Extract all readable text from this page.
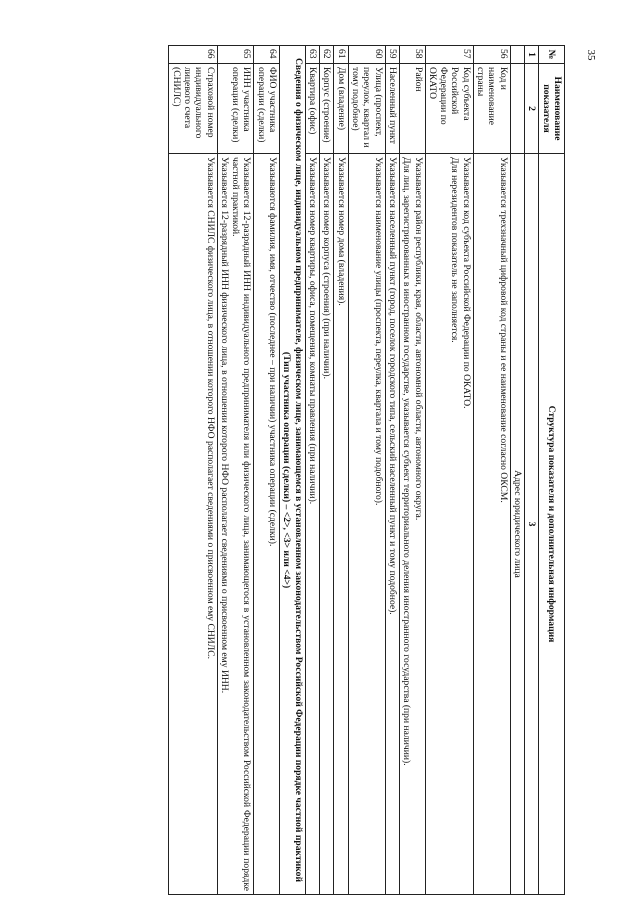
35
№	Наименование показателя	Структура показателя и дополнительная информация
1	2	3
		Адрес юридического лица
56	Код и наименование страны	Указывается трехзначный цифровой код страны и ее наименование согласно ОКСМ.

57	Код субъекта Российской Федерации по ОКАТО	Указывается код субъекта Российской Федерации по ОКАТО.
Для нерезидентов показатель не заполняется.

58	Район	Указывается район республики, края, области, автономной области, автономного округа.
Для лиц, зарегистрированных в иностранном государстве, указывается субъект территориального деления иностранного государства (при наличии).

59	Населенный пункт	Указывается населенный пункт (город, поселок городского типа, сельский населенный пункт и тому подобное).

60	Улица (проспект, переулок, квартал и тому подобное)	Указывается наименование улицы (проспекта, переулка, квартала и тому подобного).

61	Дом (владение)	Указывается номер дома (владения).

62	Корпус (строение)	Указывается номер корпуса (строения) (при наличии).

63	Квартира (офис)	Указывается номер квартиры, офиса, помещения, комнаты правления (при наличии).

Сведения о физическом лице, индивидуальном предпринимателе, физическом лице, занимающемся в установленном законодательством Российской Федерации порядке частной практикой (Тип участника операции (сделки) – <2>, <3> или <4>)		
64	ФИО участника операции (сделки)	Указываются фамилия, имя, отчество (последнее – при наличии) участника операции (сделки).

65	ИНН участника операции (сделки)	Указывается 12-разрядный ИНН индивидуального предпринимателя или физического лица, занимающегося в установленном законодательством Российской Федерации порядке частной практикой.
Указывается 12-разрядный ИНН физического лица, в отношении которого НФО располагает сведениями о присвоенном ему ИНН.

66	Страховой номер индивидуального лицевого счета (СНИЛС)	Указывается СНИЛС физического лица, в отношении которого НФО располагает сведениями о присвоенном ему СНИЛС.
